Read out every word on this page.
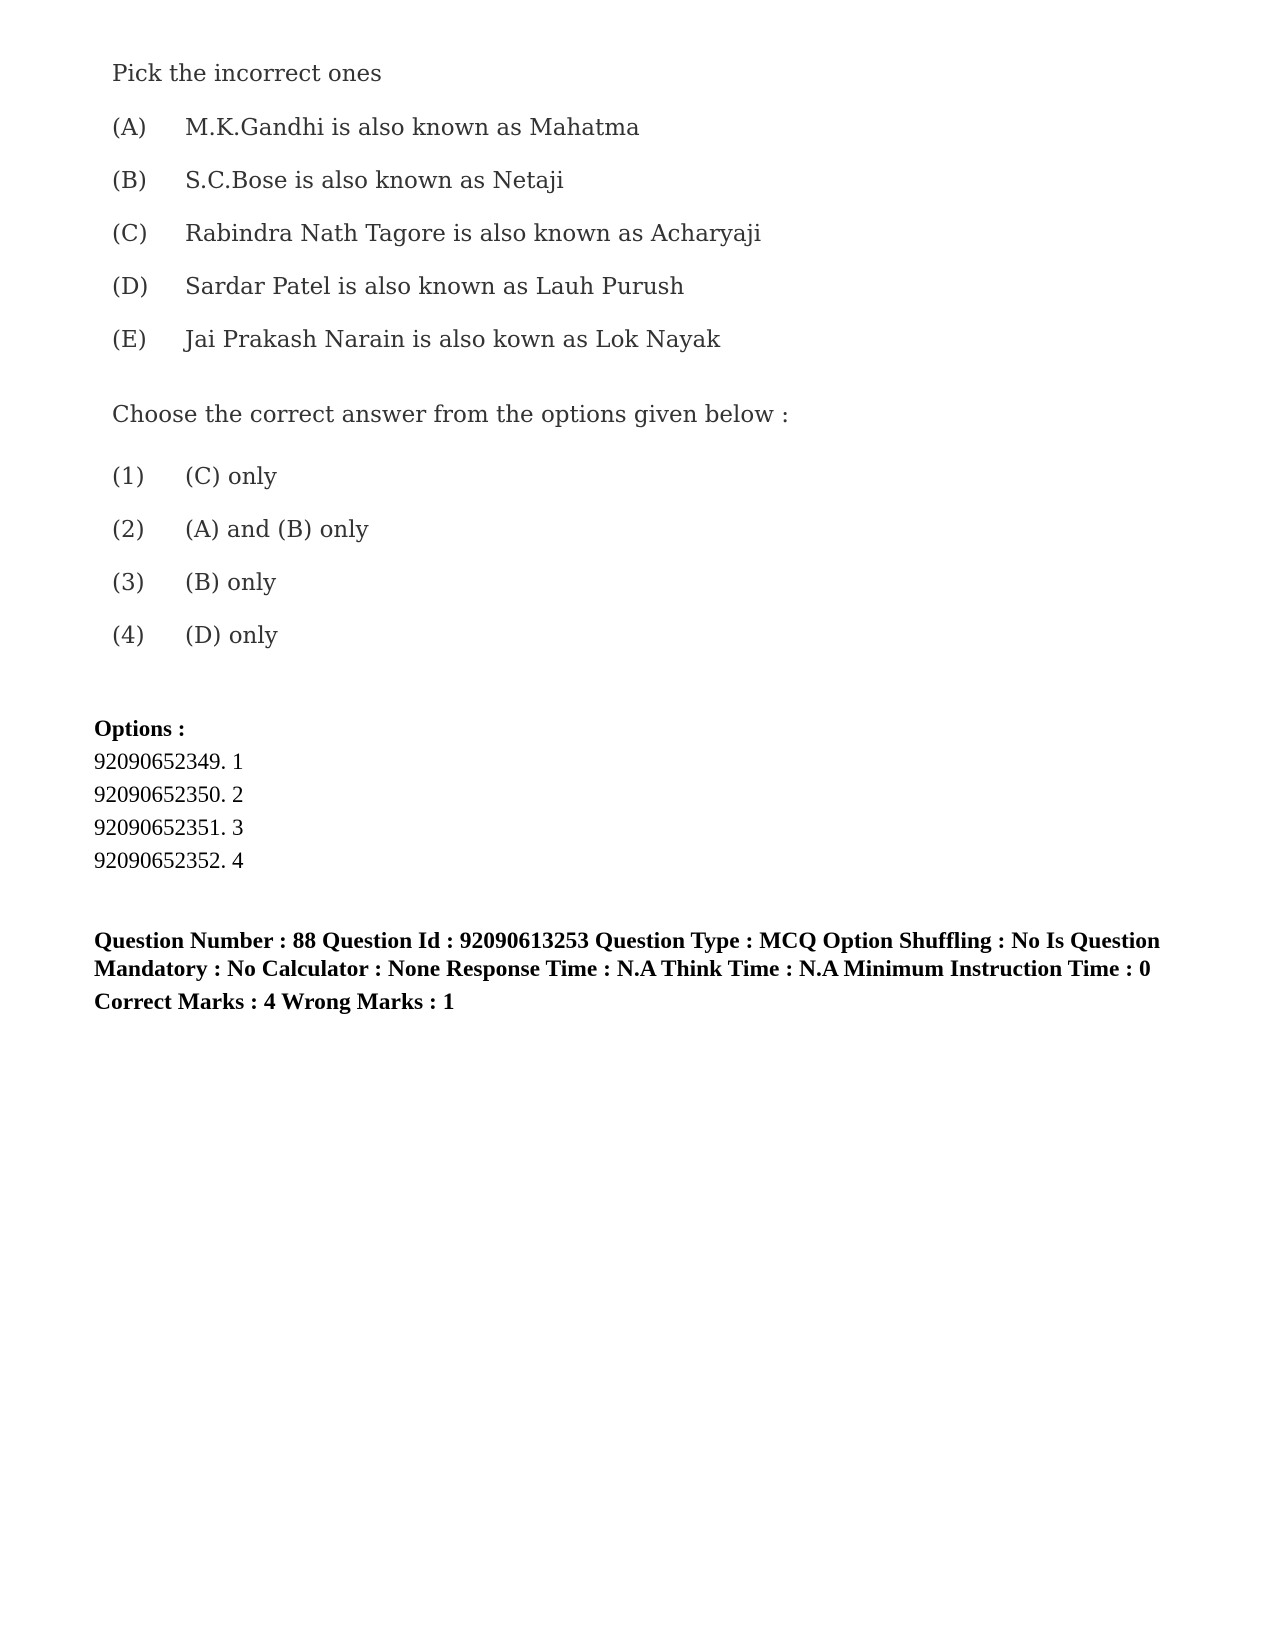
Pick the incorrect ones

(A)	M.K.Gandhi is also known as Mahatma
(B)	S.C.Bose is also known as Netaji
(C)	Rabindra Nath Tagore is also known as Acharyaji
(D)	Sardar Patel is also known as Lauh Purush
(E)	Jai Prakash Narain is also kown as Lok Nayak

Choose the correct answer from the options given below :

(1)	(C) only
(2)	(A) and (B) only
(3)	(B) only
(4)	(D) only
Options :
92090652349. 1
92090652350. 2
92090652351. 3
92090652352. 4
Question Number : 88 Question Id : 92090613253 Question Type : MCQ Option Shuffling : No Is Question Mandatory : No Calculator : None Response Time : N.A Think Time : N.A Minimum Instruction Time : 0
Correct Marks : 4 Wrong Marks : 1
